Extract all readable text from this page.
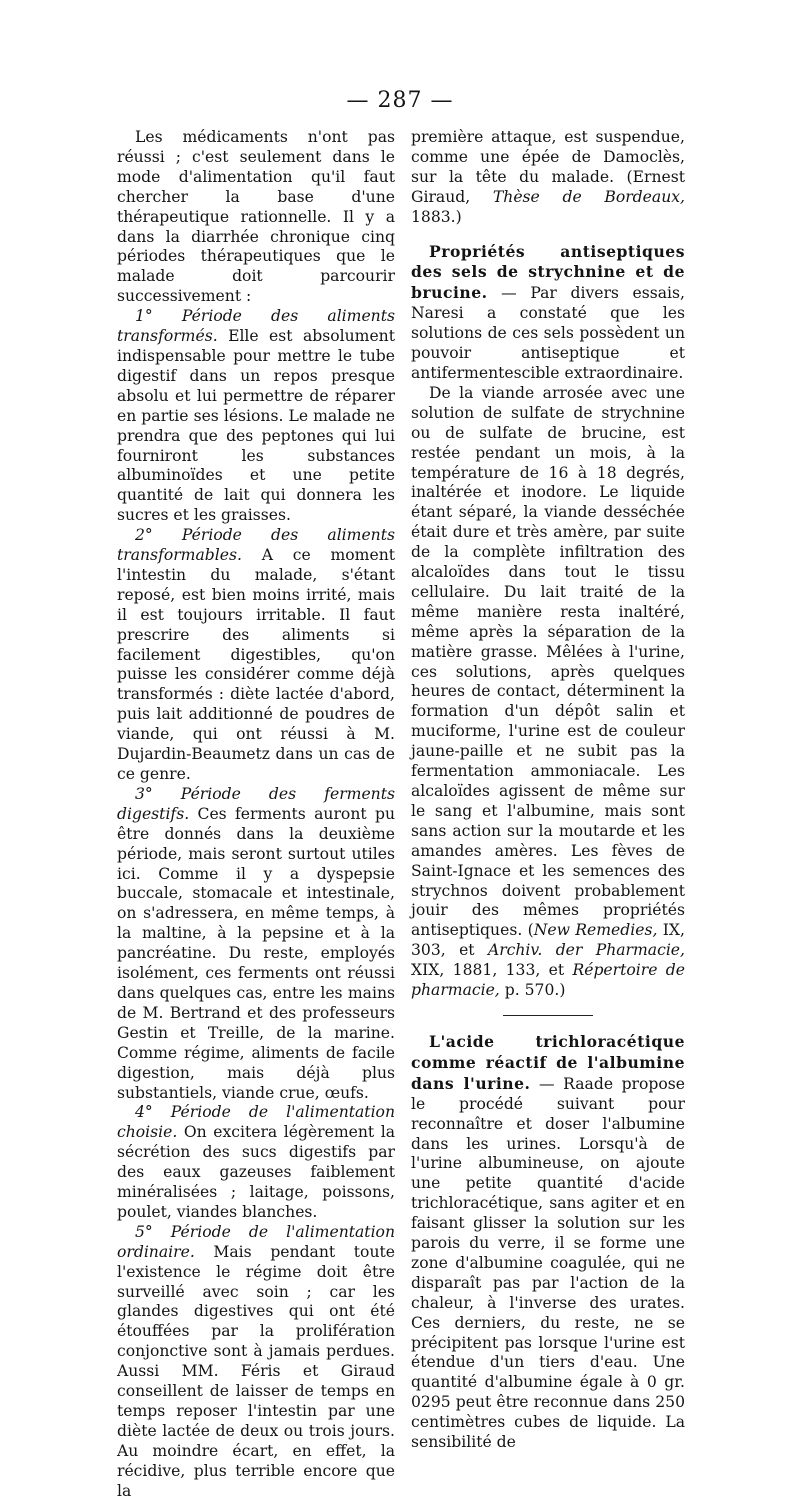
— 287 —

Les médicaments n'ont pas réussi ; c'est seulement dans le mode d'alimentation qu'il faut chercher la base d'une thérapeutique rationnelle. Il y a dans la diarrhée chronique cinq périodes thérapeutiques que le malade doit parcourir successivement :

1° Période des aliments transformés. Elle est absolument indispensable pour mettre le tube digestif dans un repos presque absolu et lui permettre de réparer en partie ses lésions. Le malade ne prendra que des peptones qui lui fourniront les substances albuminoïdes et une petite quantité de lait qui donnera les sucres et les graisses.

2° Période des aliments transformables. A ce moment l'intestin du malade, s'étant reposé, est bien moins irrité, mais il est toujours irritable. Il faut prescrire des aliments si facilement digestibles, qu'on puisse les considérer comme déjà transformés : diète lactée d'abord, puis lait additionné de poudres de viande, qui ont réussi à M. Dujardin-Beaumetz dans un cas de ce genre.

3° Période des ferments digestifs. Ces ferments auront pu être donnés dans la deuxième période, mais seront surtout utiles ici. Comme il y a dyspepsie buccale, stomacale et intestinale, on s'adressera, en même temps, à la maltine, à la pepsine et à la pancréatine. Du reste, employés isolément, ces ferments ont réussi dans quelques cas, entre les mains de M. Bertrand et des professeurs Gestin et Treille, de la marine. Comme régime, aliments de facile digestion, mais déjà plus substantiels, viande crue, œufs.

4° Période de l'alimentation choisie. On excitera légèrement la sécrétion des sucs digestifs par des eaux gazeuses faiblement minéralisées ; laitage, poissons, poulet, viandes blanches.

5° Période de l'alimentation ordinaire. Mais pendant toute l'existence le régime doit être surveillé avec soin ; car les glandes digestives qui ont été étouffées par la prolifération conjonctive sont à jamais perdues. Aussi MM. Féris et Giraud conseillent de laisser de temps en temps reposer l'intestin par une diète lactée de deux ou trois jours. Au moindre écart, en effet, la récidive, plus terrible encore que la

première attaque, est suspendue, comme une épée de Damoclès, sur la tête du malade. (Ernest Giraud, Thèse de Bordeaux, 1883.)

Propriétés antiseptiques des sels de strychnine et de brucine. — Par divers essais, Naresi a constaté que les solutions de ces sels possèdent un pouvoir antiseptique et antifermentescible extraordinaire.

De la viande arrosée avec une solution de sulfate de strychnine ou de sulfate de brucine, est restée pendant un mois, à la température de 16 à 18 degrés, inaltérée et inodore. Le liquide étant séparé, la viande desséchée était dure et très amère, par suite de la complète infiltration des alcaloïdes dans tout le tissu cellulaire. Du lait traité de la même manière resta inaltéré, même après la séparation de la matière grasse. Mêlées à l'urine, ces solutions, après quelques heures de contact, déterminent la formation d'un dépôt salin et muciforme, l'urine est de couleur jaune-paille et ne subit pas la fermentation ammoniacale. Les alcaloïdes agissent de même sur le sang et l'albumine, mais sont sans action sur la moutarde et les amandes amères. Les fèves de Saint-Ignace et les semences des strychnos doivent probablement jouir des mêmes propriétés antiseptiques. (New Remedies, IX, 303, et Archiv. der Pharmacie, XIX, 1881, 133, et Répertoire de pharmacie, p. 570.)

L'acide trichloracétique comme réactif de l'albumine dans l'urine. — Raade propose le procédé suivant pour reconnaître et doser l'albumine dans les urines. Lorsqu'à de l'urine albumineuse, on ajoute une petite quantité d'acide trichloracétique, sans agiter et en faisant glisser la solution sur les parois du verre, il se forme une zone d'albumine coagulée, qui ne disparaît pas par l'action de la chaleur, à l'inverse des urates. Ces derniers, du reste, ne se précipitent pas lorsque l'urine est étendue d'un tiers d'eau. Une quantité d'albumine égale à 0 gr. 0295 peut être reconnue dans 250 centimètres cubes de liquide. La sensibilité de
